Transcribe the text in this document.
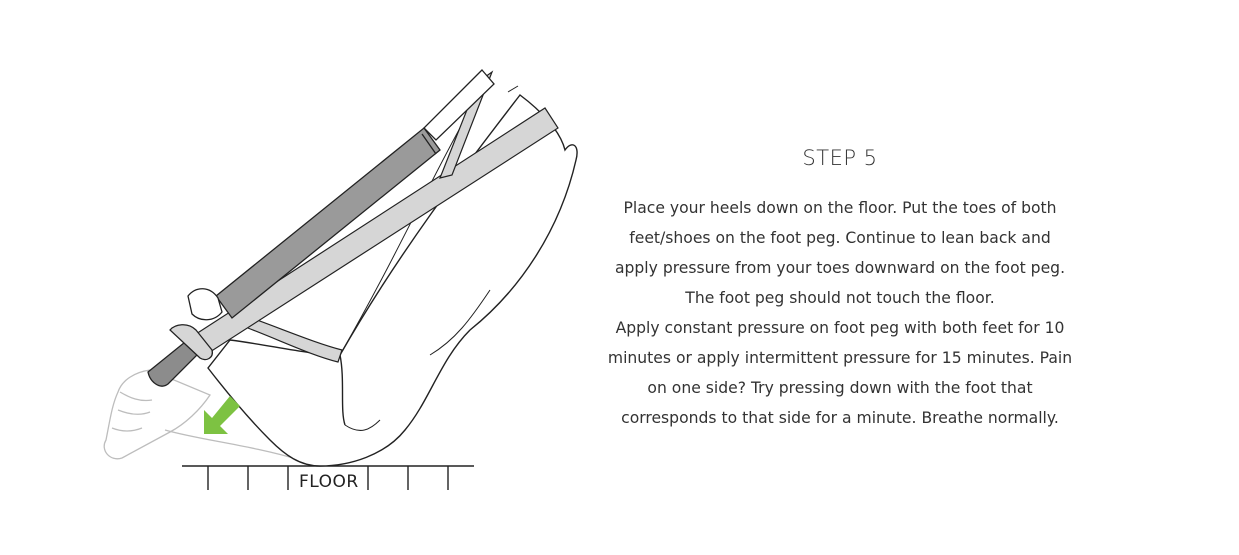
FLOOR
STEP 5

Place your heels down on the floor. Put the toes of both
feet/shoes on the foot peg. Continue to lean back and
apply pressure from your toes downward on the foot peg.
The foot peg should not touch the floor.
Apply constant pressure on foot peg with both feet for 10
minutes or apply intermittent pressure for 15 minutes. Pain
on one side? Try pressing down with the foot that
corresponds to that side for a minute. Breathe normally.
